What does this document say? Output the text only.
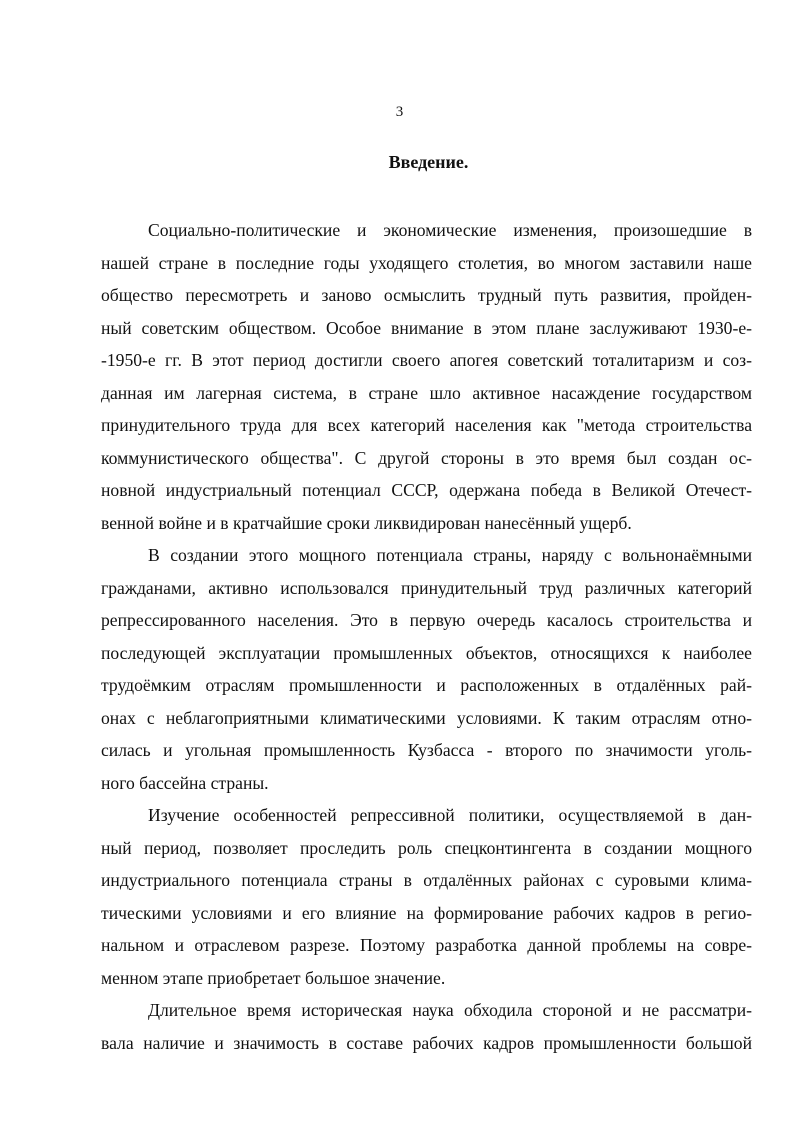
3
Введение.
Социально-политические и экономические изменения, произошедшие в
нашей стране в последние годы уходящего столетия, во многом заставили наше
общество пересмотреть и заново осмыслить трудный путь развития, пройден-
ный советским обществом. Особое внимание в этом плане заслуживают 1930-е-
-1950-е гг. В этот период достигли своего апогея советский тоталитаризм и соз-
данная им лагерная система, в стране шло активное насаждение государством
принудительного труда для всех категорий населения как "метода строительства
коммунистического общества". С другой стороны в это время был создан ос-
новной индустриальный потенциал СССР, одержана победа в Великой Отечест-
венной войне и в кратчайшие сроки ликвидирован нанесённый ущерб.
В создании этого мощного потенциала страны, наряду с вольнонаёмными
гражданами, активно использовался принудительный труд различных категорий
репрессированного населения. Это в первую очередь касалось строительства и
последующей эксплуатации промышленных объектов, относящихся к наиболее
трудоёмким отраслям промышленности и расположенных в отдалённых рай-
онах с неблагоприятными климатическими условиями. К таким отраслям отно-
силась и угольная промышленность Кузбасса - второго по значимости уголь-
ного бассейна страны.
Изучение особенностей репрессивной политики, осуществляемой в дан-
ный период, позволяет проследить роль спецконтингента в создании мощного
индустриального потенциала страны в отдалённых районах с суровыми клима-
тическими условиями и его влияние на формирование рабочих кадров в регио-
нальном и отраслевом разрезе. Поэтому разработка данной проблемы на совре-
менном этапе приобретает большое значение.
Длительное время историческая наука обходила стороной и не рассматри-
вала наличие и значимость в составе рабочих кадров промышленности большой
